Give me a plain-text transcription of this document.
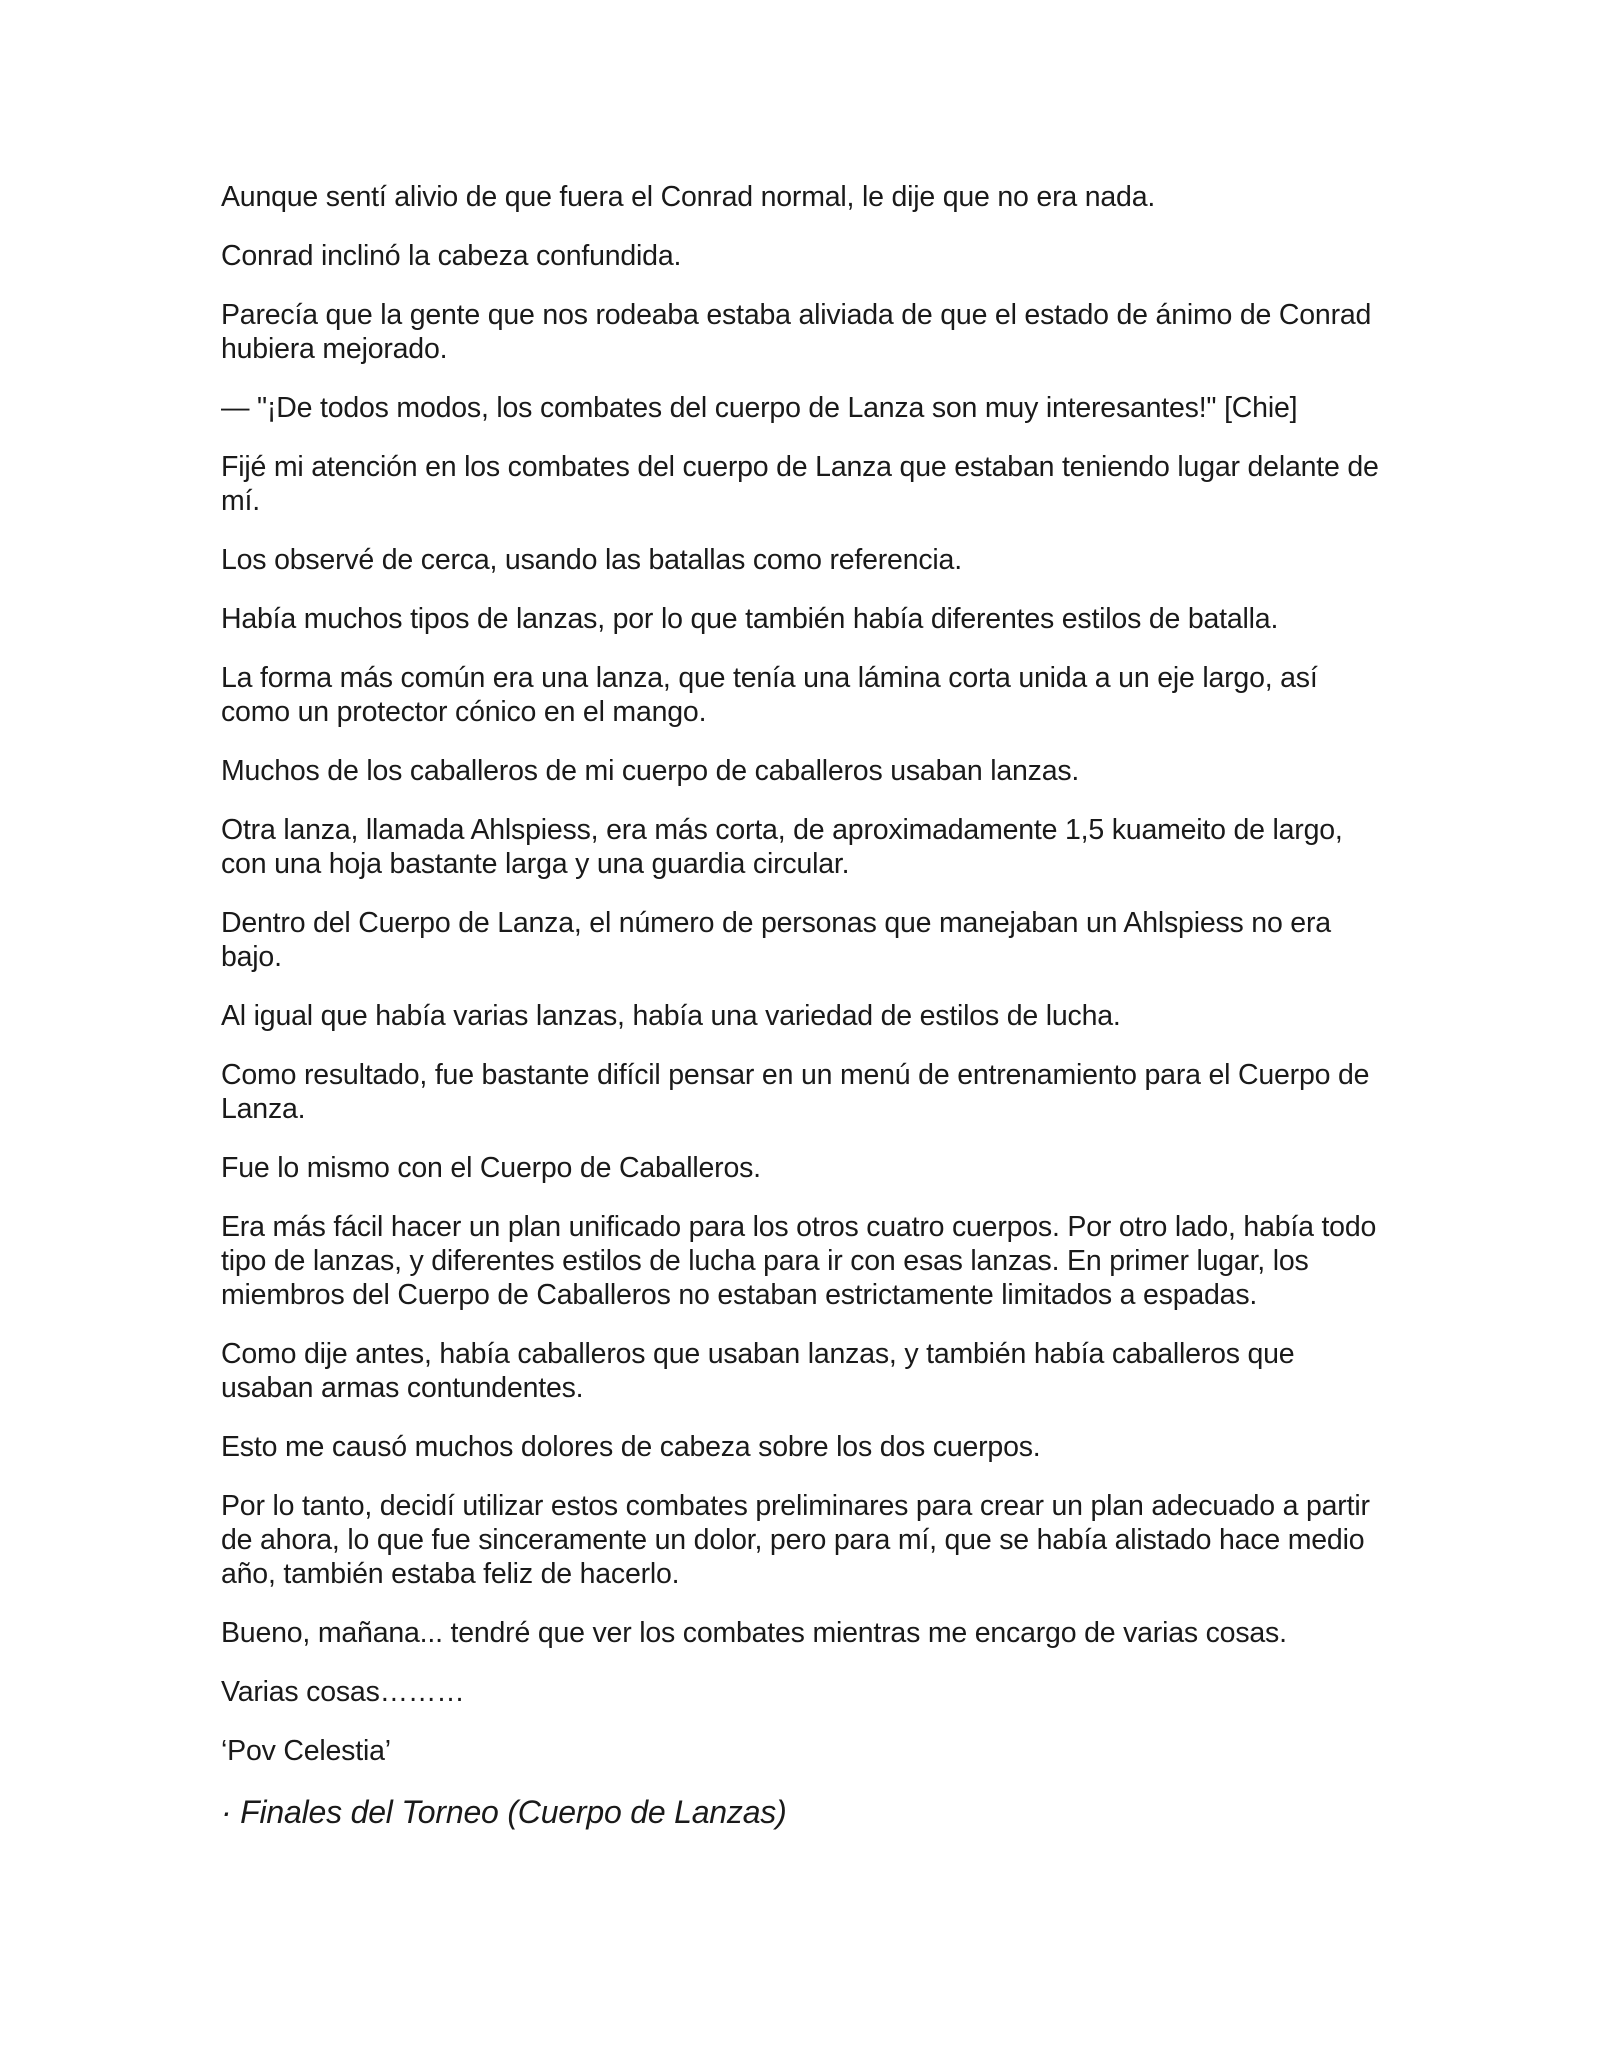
Aunque sentí alivio de que fuera el Conrad normal, le dije que no era nada.

Conrad inclinó la cabeza confundida.

Parecía que la gente que nos rodeaba estaba aliviada de que el estado de ánimo de Conrad hubiera mejorado.

— "¡De todos modos, los combates del cuerpo de Lanza son muy interesantes!" [Chie]

Fijé mi atención en los combates del cuerpo de Lanza que estaban teniendo lugar delante de mí.

Los observé de cerca, usando las batallas como referencia.

Había muchos tipos de lanzas, por lo que también había diferentes estilos de batalla.

La forma más común era una lanza, que tenía una lámina corta unida a un eje largo, así como un protector cónico en el mango.

Muchos de los caballeros de mi cuerpo de caballeros usaban lanzas.

Otra lanza, llamada Ahlspiess, era más corta, de aproximadamente 1,5 kuameito de largo, con una hoja bastante larga y una guardia circular.

Dentro del Cuerpo de Lanza, el número de personas que manejaban un Ahlspiess no era bajo.

Al igual que había varias lanzas, había una variedad de estilos de lucha.

Como resultado, fue bastante difícil pensar en un menú de entrenamiento para el Cuerpo de Lanza.

Fue lo mismo con el Cuerpo de Caballeros.

Era más fácil hacer un plan unificado para los otros cuatro cuerpos. Por otro lado, había todo tipo de lanzas, y diferentes estilos de lucha para ir con esas lanzas. En primer lugar, los miembros del Cuerpo de Caballeros no estaban estrictamente limitados a espadas.

Como dije antes, había caballeros que usaban lanzas, y también había caballeros que usaban armas contundentes.

Esto me causó muchos dolores de cabeza sobre los dos cuerpos.

Por lo tanto, decidí utilizar estos combates preliminares para crear un plan adecuado a partir de ahora, lo que fue sinceramente un dolor, pero para mí, que se había alistado hace medio año, también estaba feliz de hacerlo.

Bueno, mañana... tendré que ver los combates mientras me encargo de varias cosas.

Varias cosas………

‘Pov Celestia’

· Finales del Torneo (Cuerpo de Lanzas)
